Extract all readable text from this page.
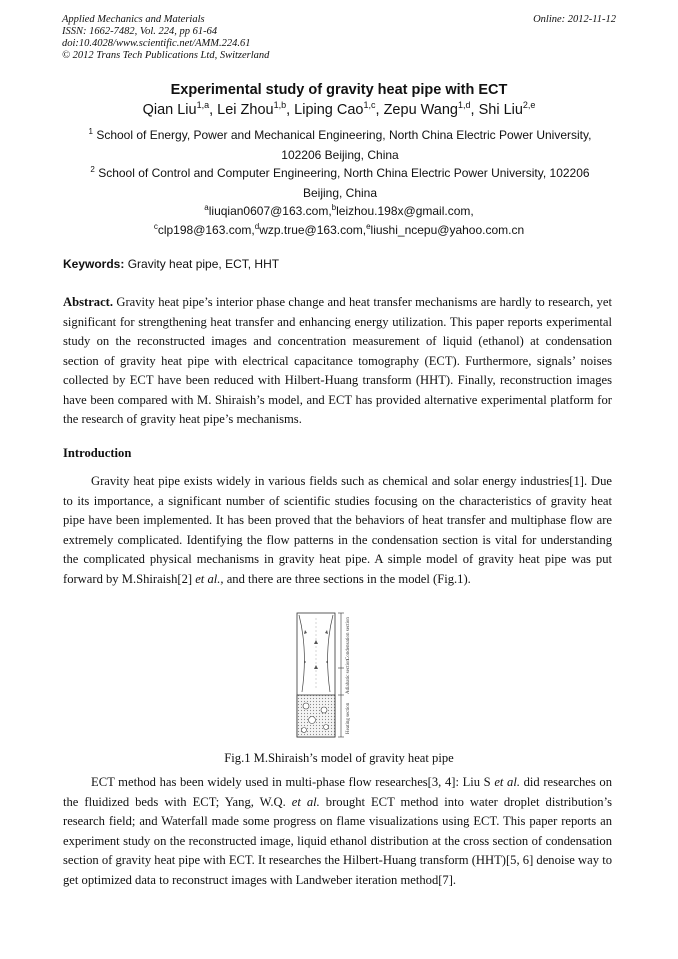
Applied Mechanics and Materials
ISSN: 1662-7482, Vol. 224, pp 61-64
doi:10.4028/www.scientific.net/AMM.224.61
© 2012 Trans Tech Publications Ltd, Switzerland
Online: 2012-11-12
Experimental study of gravity heat pipe with ECT
Qian Liu$^{1,a}$, Lei Zhou$^{1,b}$, Liping Cao$^{1,c}$, Zepu Wang$^{1,d}$, Shi Liu$^{2,e}$
$^1$ School of Energy, Power and Mechanical Engineering, North China Electric Power University, 102206 Beijing, China
$^2$ School of Control and Computer Engineering, North China Electric Power University, 102206 Beijing, China
$^a$liuqian0607@163.com,$^b$leizhou.198x@gmail.com,
$^c$clp198@163.com,$^d$wzp.true@163.com,$^e$liushi_ncepu@yahoo.com.cn
Keywords: Gravity heat pipe, ECT, HHT

Abstract. Gravity heat pipe’s interior phase change and heat transfer mechanisms are hardly to research, yet significant for strengthening heat transfer and enhancing energy utilization. This paper reports experimental study on the reconstructed images and concentration measurement of liquid (ethanol) at condensation section of gravity heat pipe with electrical capacitance tomography (ECT). Furthermore, signals’ noises collected by ECT have been reduced with Hilbert-Huang transform (HHT). Finally, reconstruction images have been compared with M. Shiraish’s model, and ECT has provided alternative experimental platform for the research of gravity heat pipe’s mechanisms.

Introduction

Gravity heat pipe exists widely in various fields such as chemical and solar energy industries[1]. Due to its importance, a significant number of scientific studies focusing on the characteristics of gravity heat pipe have been implemented. It has been proved that the behaviors of heat transfer and multiphase flow are extremely complicated. Identifying the flow patterns in the condensation section is vital for understanding the complicated physical mechanisms in gravity heat pipe. A simple model of gravity heat pipe was put forward by M.Shiraish[2] et al., and there are three sections in the model (Fig.1).

Condensation section
Adiabatic section
Heating section
Fig.1 M.Shiraish’s model of gravity heat pipe

ECT method has been widely used in multi-phase flow researches[3, 4]: Liu S et al. did researches on the fluidized beds with ECT; Yang, W.Q. et al. brought ECT method into water droplet distribution’s research field; and Waterfall made some progress on flame visualizations using ECT. This paper reports an experiment study on the reconstructed image, liquid ethanol distribution at the cross section of condensation section of gravity heat pipe with ECT. It researches the Hilbert-Huang transform (HHT)[5, 6] denoise way to get optimized data to reconstruct images with Landweber iteration method[7].
